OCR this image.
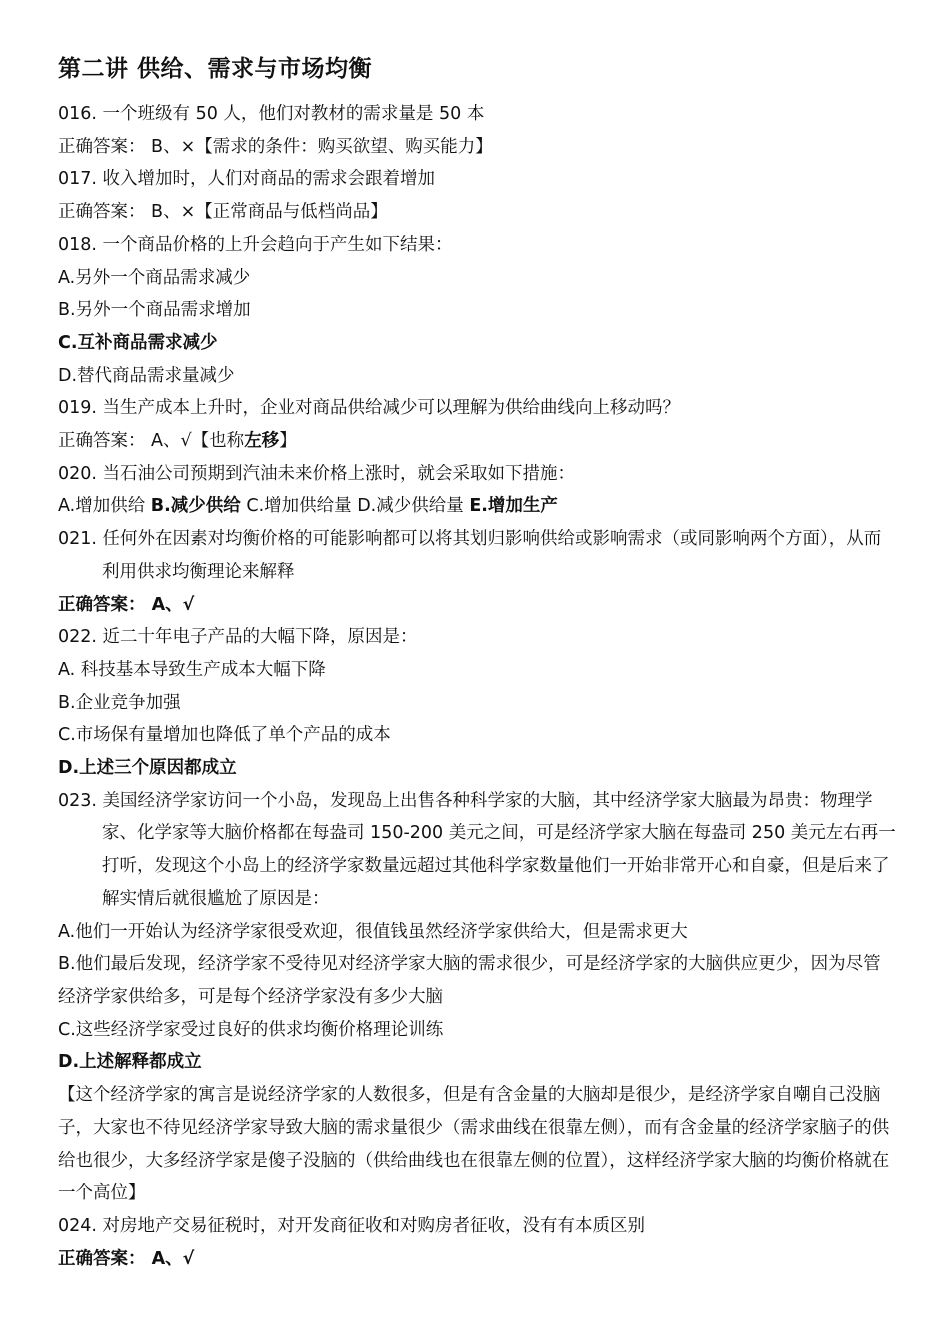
第二讲 供给、需求与市场均衡

016. 一个班级有 50 人，他们对教材的需求量是 50 本

正确答案： B、×【需求的条件：购买欲望、购买能力】

017. 收入增加时，人们对商品的需求会跟着增加

正确答案： B、×【正常商品与低档尚品】

018. 一个商品价格的上升会趋向于产生如下结果：

A.另外一个商品需求减少

B.另外一个商品需求增加

C.互补商品需求减少

D.替代商品需求量减少

019. 当生产成本上升时，企业对商品供给减少可以理解为供给曲线向上移动吗？

正确答案： A、√【也称左移】

020. 当石油公司预期到汽油未来价格上涨时，就会采取如下措施：

A.增加供给 B.减少供给 C.增加供给量 D.减少供给量 E.增加生产

021. 任何外在因素对均衡价格的可能影响都可以将其划归影响供给或影响需求（或同影响两个方面），从而利用供求均衡理论来解释

正确答案： A、√

022. 近二十年电子产品的大幅下降，原因是：

A. 科技基本导致生产成本大幅下降

B.企业竞争加强

C.市场保有量增加也降低了单个产品的成本

D.上述三个原因都成立

023. 美国经济学家访问一个小岛，发现岛上出售各种科学家的大脑，其中经济学家大脑最为昂贵：物理学家、化学家等大脑价格都在每盎司 150-200 美元之间，可是经济学家大脑在每盎司 250 美元左右再一打听，发现这个小岛上的经济学家数量远超过其他科学家数量他们一开始非常开心和自豪，但是后来了解实情后就很尴尬了原因是：

A.他们一开始认为经济学家很受欢迎，很值钱虽然经济学家供给大，但是需求更大

B.他们最后发现，经济学家不受待见对经济学家大脑的需求很少，可是经济学家的大脑供应更少，因为尽管经济学家供给多，可是每个经济学家没有多少大脑

C.这些经济学家受过良好的供求均衡价格理论训练

D.上述解释都成立

【这个经济学家的寓言是说经济学家的人数很多，但是有含金量的大脑却是很少，是经济学家自嘲自己没脑子，大家也不待见经济学家导致大脑的需求量很少（需求曲线在很靠左侧），而有含金量的经济学家脑子的供给也很少，大多经济学家是傻子没脑的（供给曲线也在很靠左侧的位置），这样经济学家大脑的均衡价格就在一个高位】

024. 对房地产交易征税时，对开发商征收和对购房者征收，没有有本质区别

正确答案： A、√
